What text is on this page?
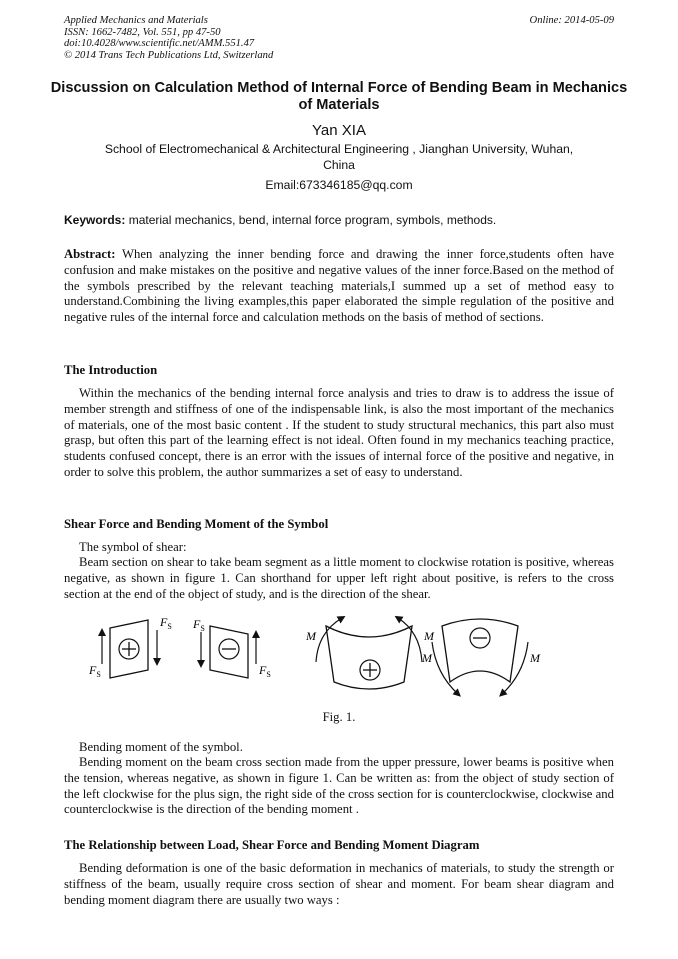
Applied Mechanics and Materials
ISSN: 1662-7482, Vol. 551, pp 47-50
doi:10.4028/www.scientific.net/AMM.551.47
© 2014 Trans Tech Publications Ltd, Switzerland
Online: 2014-05-09
Discussion on Calculation Method of Internal Force of Bending Beam in Mechanics of Materials
Yan XIA
School of Electromechanical & Architectural Engineering , Jianghan University, Wuhan, China
Email:673346185@qq.com
Keywords: material mechanics, bend, internal force program, symbols, methods.
Abstract: When analyzing the inner bending force and drawing the inner force,students often have confusion and make mistakes on the positive and negative values of the inner force.Based on the method of the symbols prescribed by the relevant teaching materials,I summed up a set of method easy to understand.Combining the living examples,this paper elaborated the simple regulation of the positive and negative rules of the internal force and calculation methods on the basis of method of sections.
The Introduction
Within the mechanics of the bending internal force analysis and tries to draw is to address the issue of member strength and stiffness of one of the indispensable link, is also the most important of the mechanics of materials, one of the most basic content . If the student to study structural mechanics, this part also must grasp, but often this part of the learning effect is not ideal. Often found in my mechanics teaching practice, students confused concept, there is an error with the issues of internal force of the positive and negative, in order to solve this problem, the author summarizes a set of easy to understand.
Shear Force and Bending Moment of the Symbol
The symbol of shear:
Beam section on shear to take beam segment as a little moment to clockwise rotation is positive, whereas negative, as shown in figure 1. Can shorthand for upper left right about positive, is refers to the cross section at the end of the object of study, and is the direction of the shear.
$F_S$
$F_S$
$F_S$
$F_S$
M	M
M	M
Fig. 1.
Bending moment of the symbol.
Bending moment on the beam cross section made from the upper pressure, lower beams is positive when the tension, whereas negative, as shown in figure 1. Can be written as: from the object of study section of the left clockwise for the plus sign, the right side of the cross section for is counterclockwise, clockwise and counterclockwise is the direction of the bending moment .
The Relationship between Load, Shear Force and Bending Moment Diagram
Bending deformation is one of the basic deformation in mechanics of materials, to study the strength or stiffness of the beam, usually require cross section of shear and moment. For beam shear diagram and bending moment diagram there are usually two ways :
